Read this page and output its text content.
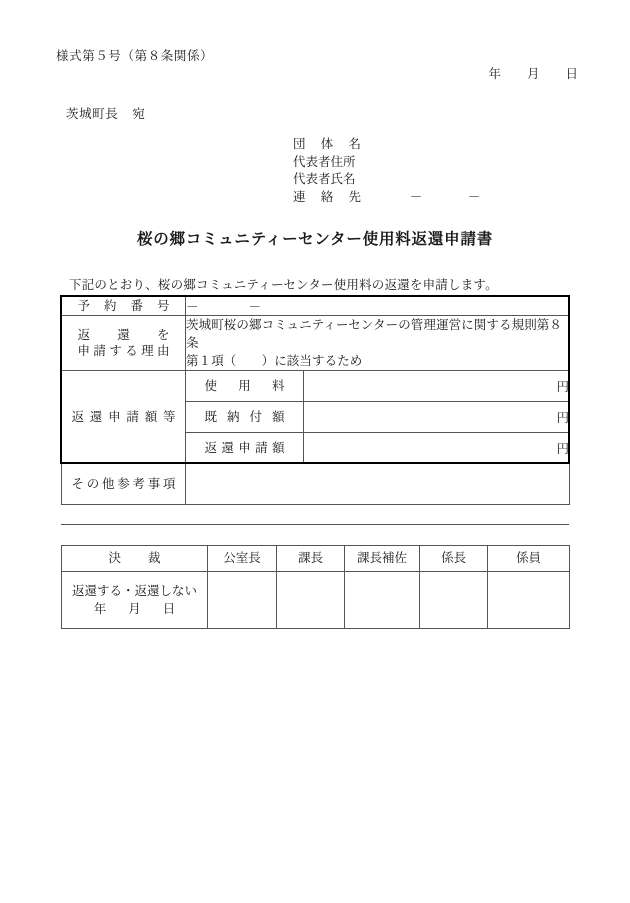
様式第５号（第８条関係）
年 月 日
茨城町長 宛
団体名
代表者住所
代表者氏名
連絡先	－	－
桜の郷コミュニティーセンター使用料返還申請書
下記のとおり、桜の郷コミュニティーセンター使用料の返還を申請します。
予約番号	－　　　　－	
返還を
申請する理由	茨城町桜の郷コミュニティーセンターの管理運営に関する規則第８条
第１項（　　）に該当するため	
返還申請額等	使用料	円
	既納付額	円
	返還申請額	円
その他参考事項		
決裁	公室長	課長	課長補佐	係長	係員

返還する・返還しない
年 月 日					
